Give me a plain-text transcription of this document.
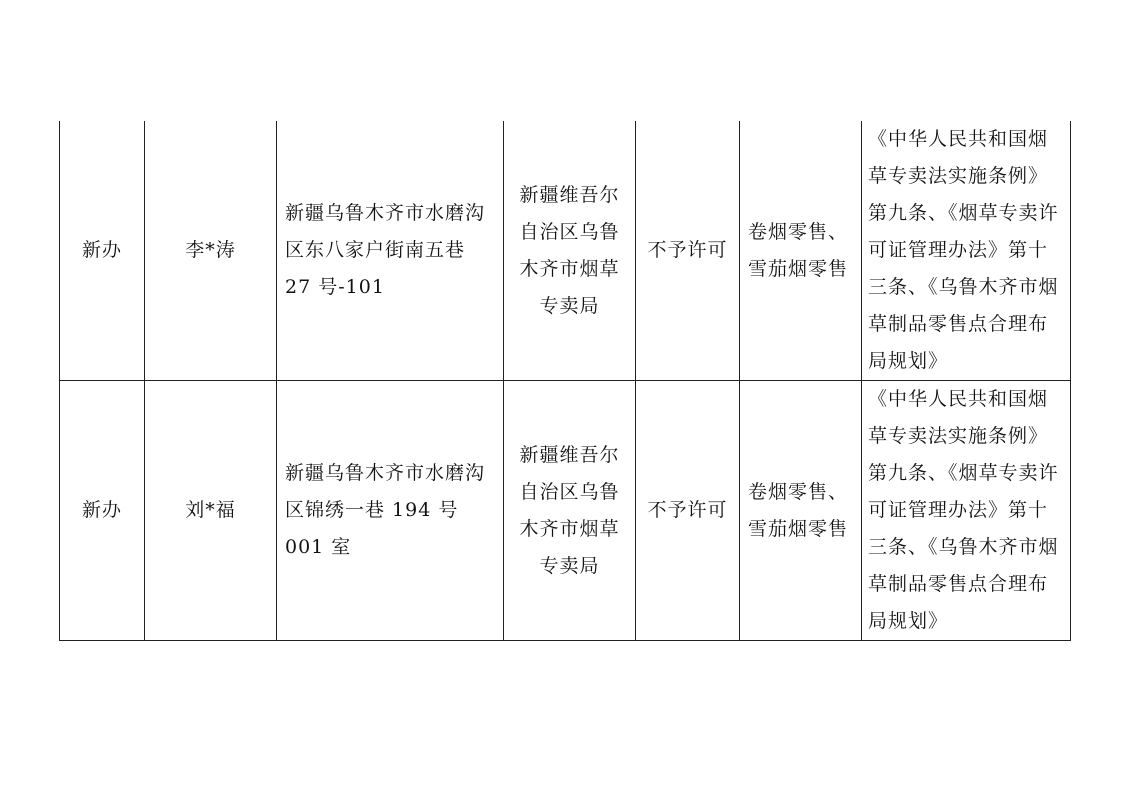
新办	李*涛	新疆乌鲁木齐市水磨沟区东八家户街南五巷 27 号-101	新疆维吾尔自治区乌鲁木齐市烟草专卖局	不予许可	卷烟零售、雪茄烟零售	《中华人民共和国烟草专卖法实施条例》第九条、《烟草专卖许可证管理办法》第十三条、《乌鲁木齐市烟草制品零售点合理布局规划》
新办	刘*福	新疆乌鲁木齐市水磨沟区锦绣一巷 194 号 001 室	新疆维吾尔自治区乌鲁木齐市烟草专卖局	不予许可	卷烟零售、雪茄烟零售	《中华人民共和国烟草专卖法实施条例》第九条、《烟草专卖许可证管理办法》第十三条、《乌鲁木齐市烟草制品零售点合理布局规划》
